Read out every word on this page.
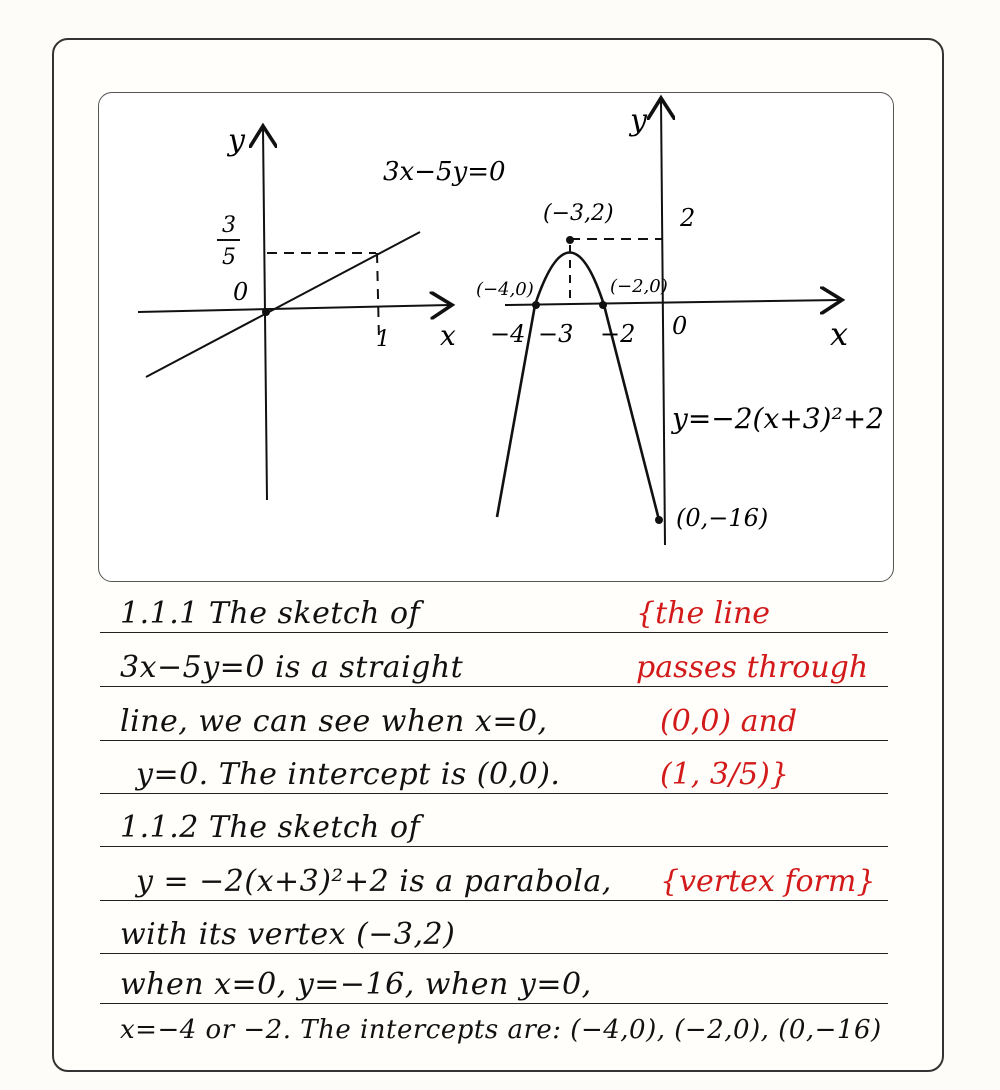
y
x
0
3x−5y=0
3
5
1
y
x
0
2
(−3,2)
(−4,0)	(−2,0)
−4 −3 −2
y=−2(x+3)²+2
(0,−16)
1.1.1 The sketch of
3x−5y=0 is a straight
line, we can see when x=0,
y=0. The intercept is (0,0).
1.1.2 The sketch of
y = −2(x+3)²+2 is a parabola,
with its vertex (−3,2)
when x=0, y=−16, when y=0,
x=−4 or −2. The intercepts are: (−4,0), (−2,0), (0,−16)
{the line
passes through
(0,0) and
(1, 3/5)}
{vertex form}
